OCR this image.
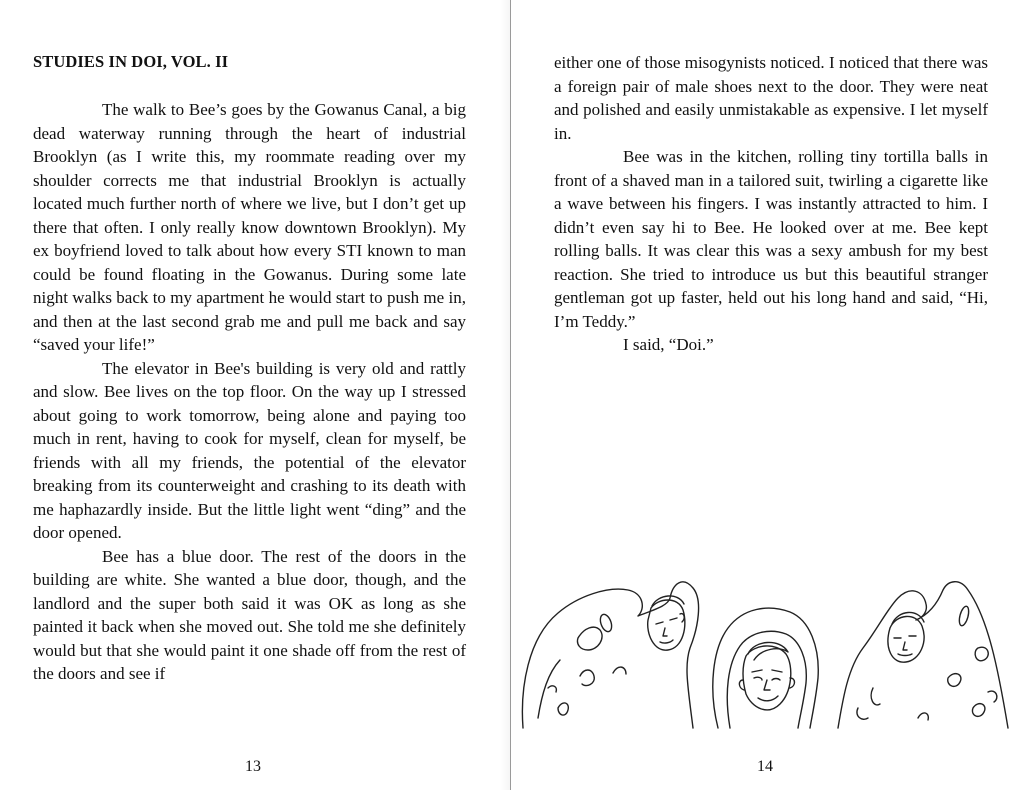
STUDIES IN DOI, VOL. II

The walk to Bee’s goes by the Gowanus Canal, a big dead waterway running through the heart of industrial Brooklyn (as I write this, my roommate reading over my shoulder corrects me that industrial Brooklyn is actually located much further north of where we live, but I don’t get up there that often. I only really know downtown Brooklyn). My ex boyfriend loved to talk about how every STI known to man could be found floating in the Gowanus. During some late night walks back to my apartment he would start to push me in, and then at the last second grab me and pull me back and say “saved your life!”

The elevator in Bee's building is very old and rattly and slow. Bee lives on the top floor. On the way up I stressed about going to work tomorrow, being alone and paying too much in rent, having to cook for myself, clean for myself, be friends with all my friends, the potential of the elevator breaking from its counterweight and crashing to its death with me haphazardly inside. But the little light went “ding” and the door opened.

Bee has a blue door. The rest of the doors in the building are white. She wanted a blue door, though, and the landlord and the super both said it was OK as long as she painted it back when she moved out. She told me she definitely would but that she would paint it one shade off from the rest of the doors and see if

13	14

either one of those misogynists noticed. I noticed that there was a foreign pair of male shoes next to the door. They were neat and polished and easily unmistakable as expensive. I let myself in.

Bee was in the kitchen, rolling tiny tortilla balls in front of a shaved man in a tailored suit, twirling a cigarette like a wave between his fingers. I was instantly attracted to him. I didn’t even say hi to Bee. He looked over at me. Bee kept rolling balls. It was clear this was a sexy ambush for my best reaction. She tried to introduce us but this beautiful stranger gentleman got up faster, held out his long hand and said, “Hi, I’m Teddy.”

I said, “Doi.”
